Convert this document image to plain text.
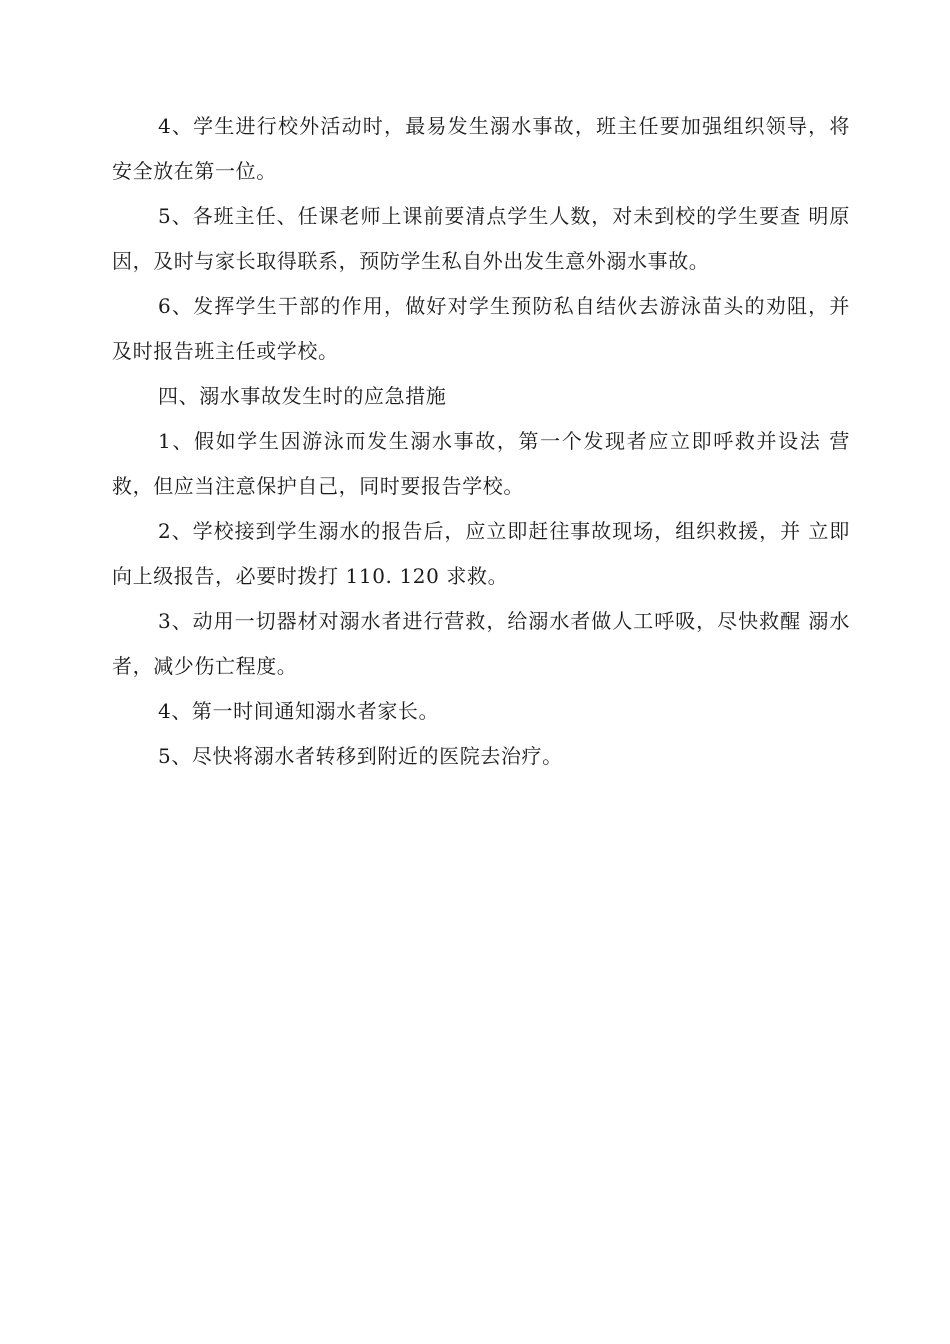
4、学生进行校外活动时，最易发生溺水事故，班主任要加强组织领导，将安全放在第一位。

5、各班主任、任课老师上课前要清点学生人数，对未到校的学生要查 明原因，及时与家长取得联系，预防学生私自外出发生意外溺水事故。

6、发挥学生干部的作用，做好对学生预防私自结伙去游泳苗头的劝阻，并及时报告班主任或学校。

四、溺水事故发生时的应急措施

1、假如学生因游泳而发生溺水事故，第一个发现者应立即呼救并设法 营救，但应当注意保护自己，同时要报告学校。

2、学校接到学生溺水的报告后，应立即赶往事故现场，组织救援，并 立即向上级报告，必要时拨打 110. 120 求救。

3、动用一切器材对溺水者进行营救，给溺水者做人工呼吸，尽快救醒 溺水者，减少伤亡程度。

4、第一时间通知溺水者家长。

5、尽快将溺水者转移到附近的医院去治疗。
